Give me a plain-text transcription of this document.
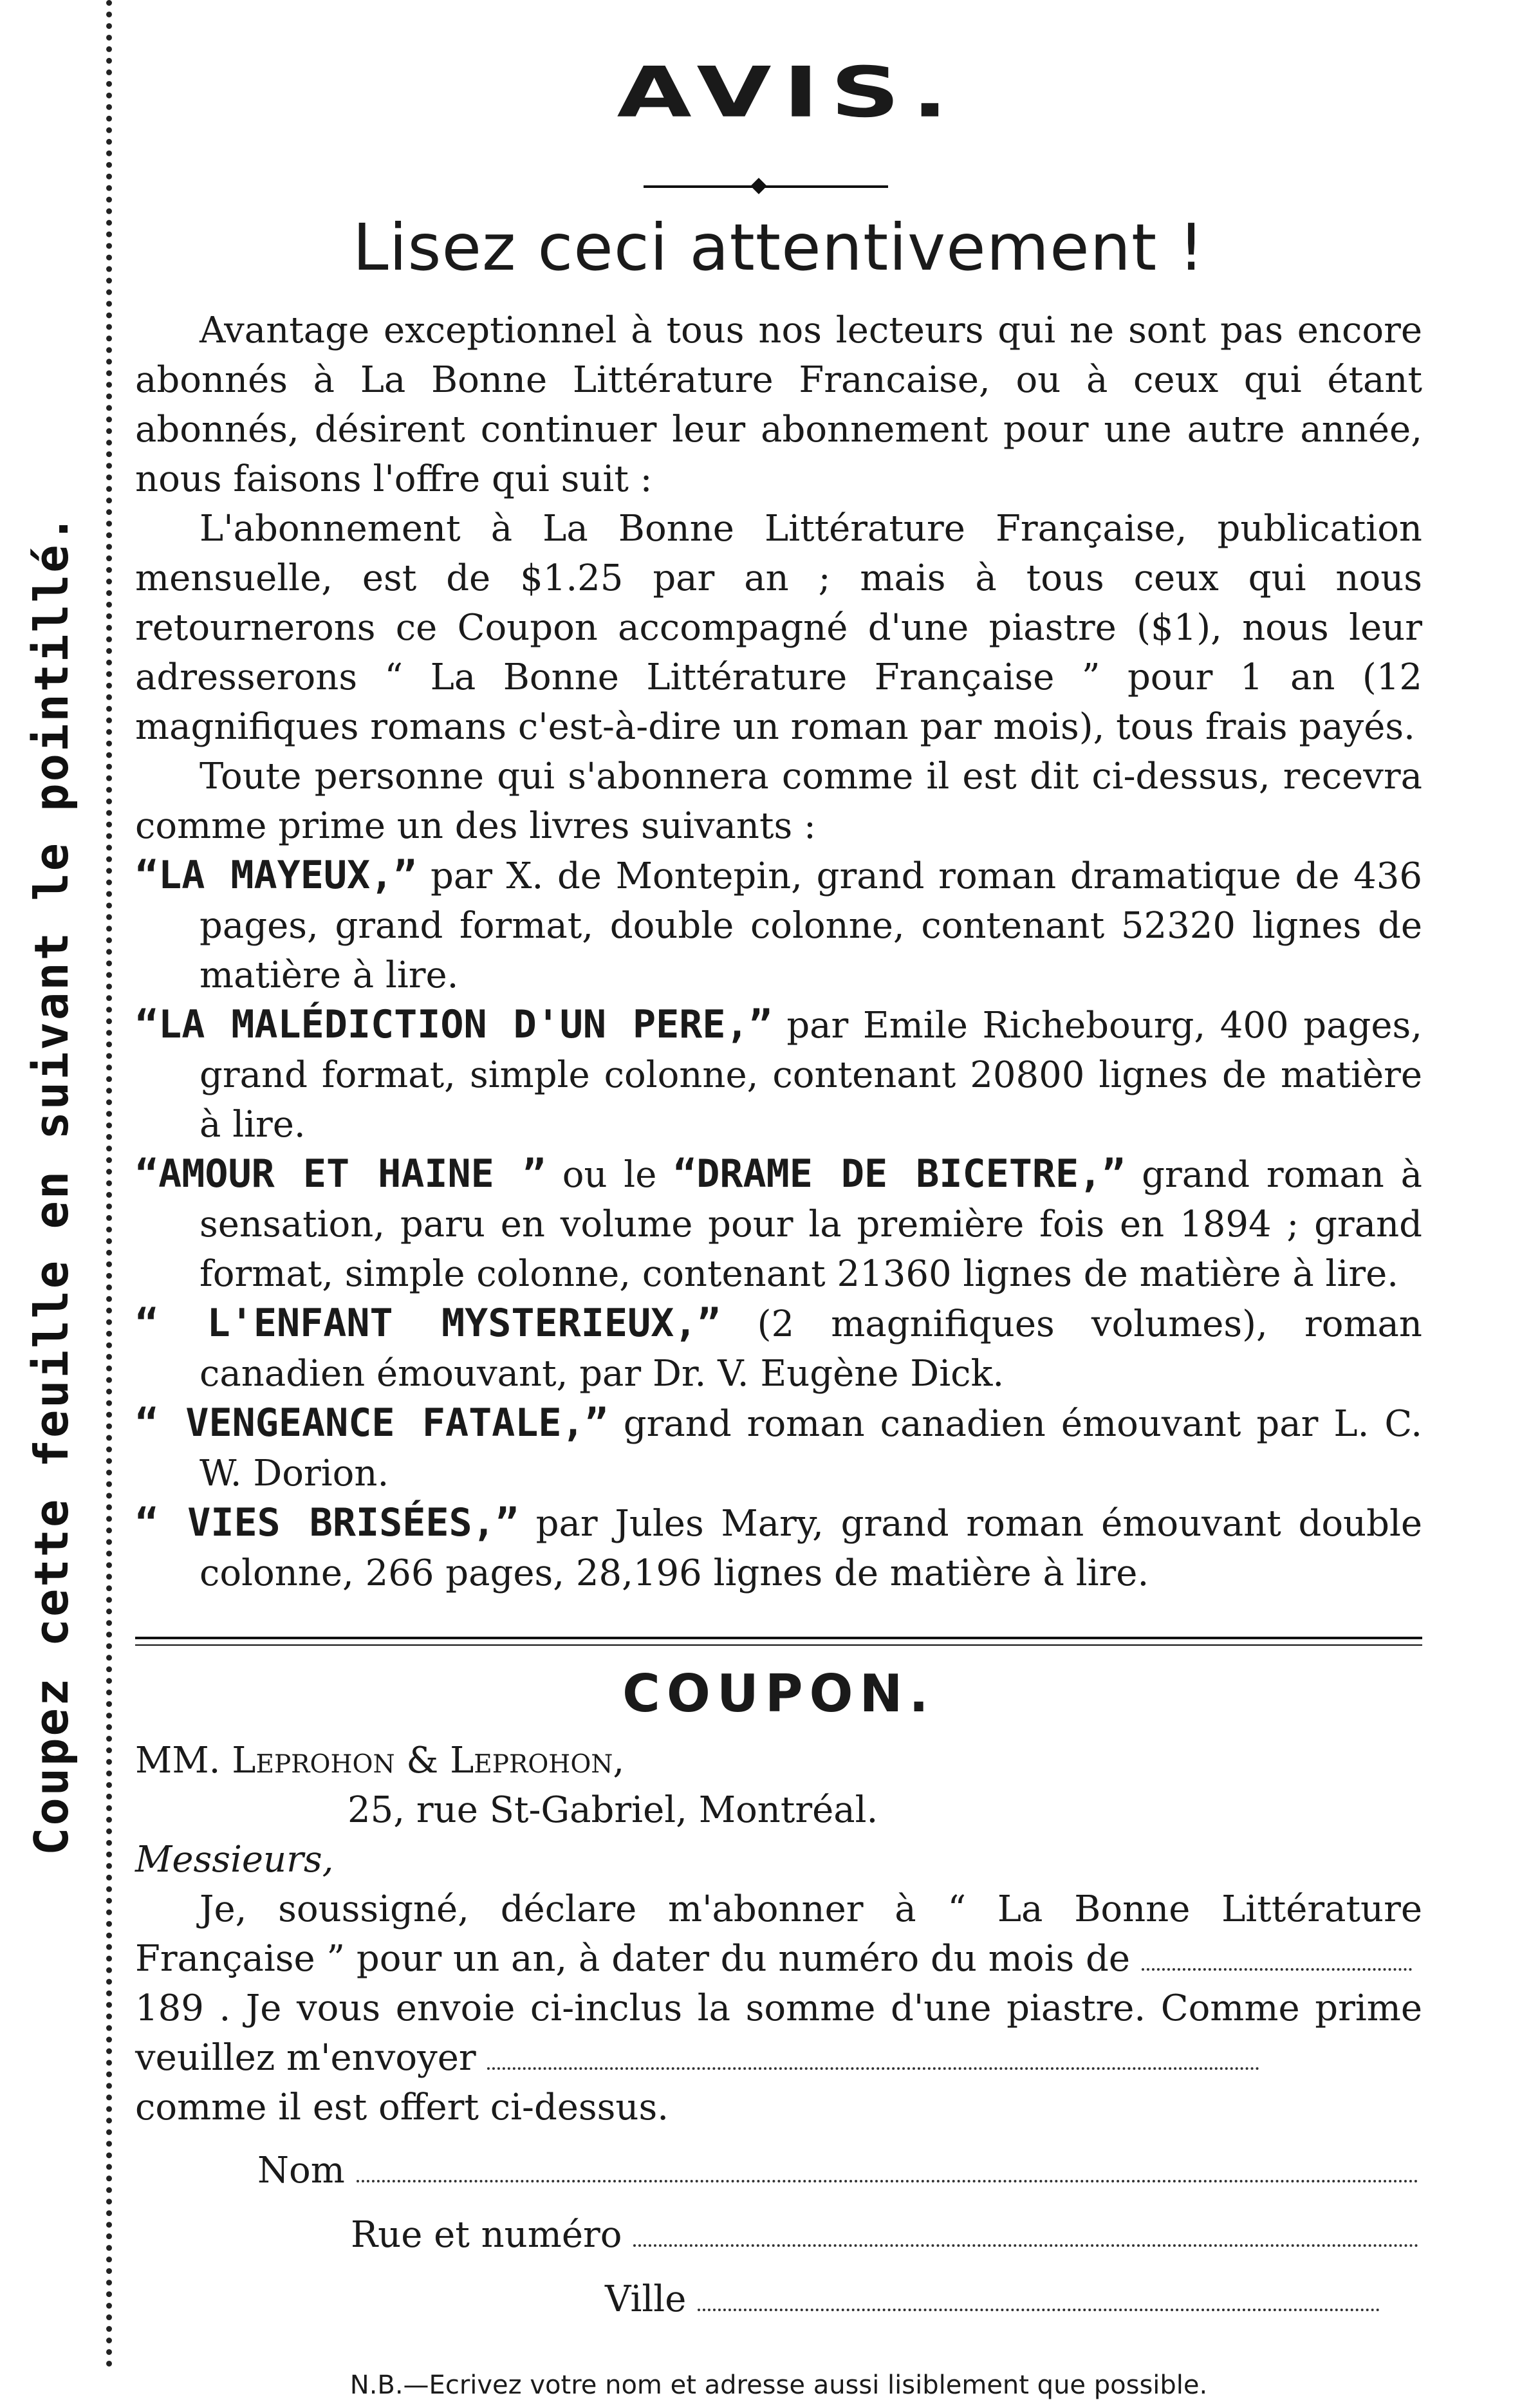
Coupez cette feuille en suivant le pointillé.
AVIS.
Lisez ceci attentivement !

Avantage exceptionnel à tous nos lecteurs qui ne sont pas encore abonnés à La Bonne Littérature Francaise, ou à ceux qui étant abonnés, désirent continuer leur abonnement pour une autre année, nous faisons l'offre qui suit :

L'abonnement à La Bonne Littérature Française, publication mensuelle, est de $1.25 par an ; mais à tous ceux qui nous retournerons ce Coupon accompagné d'une piastre ($1), nous leur adresserons “ La Bonne Littérature Française ” pour 1 an (12 magnifiques romans c'est-à-dire un roman par mois), tous frais payés.

Toute personne qui s'abonnera comme il est dit ci-dessus, recevra comme prime un des livres suivants :

“LA MAYEUX,” par X. de Montepin, grand roman dramatique de 436 pages, grand format, double colonne, contenant 52320 lignes de matière à lire.

“LA MALÉDICTION D'UN PERE,” par Emile Richebourg, 400 pages, grand format, simple colonne, contenant 20800 lignes de matière à lire.

“AMOUR ET HAINE ” ou le “DRAME DE BICETRE,” grand roman à sensation, paru en volume pour la première fois en 1894 ; grand format, simple colonne, contenant 21360 lignes de matière à lire.

“ L'ENFANT MYSTERIEUX,” (2 magnifiques volumes), roman canadien émouvant, par Dr. V. Eugène Dick.

“ VENGEANCE FATALE,” grand roman canadien émouvant par L. C. W. Dorion.

“ VIES BRISÉES,” par Jules Mary, grand roman émouvant double colonne, 266 pages, 28,196 lignes de matière à lire.

COUPON.

MM. Leprohon & Leprohon,

25, rue St-Gabriel, Montréal.

Messieurs,

Je, soussigné, déclare m'abonner à “ La Bonne Littérature Française ” pour un an, à dater du numéro du mois de

189 . Je vous envoie ci-inclus la somme d'une piastre. Comme prime veuillez m'envoyer

comme il est offert ci-dessus.

Nom
Rue et numéro
Ville
N.B.—Ecrivez votre nom et adresse aussi lisiblement que possible.
